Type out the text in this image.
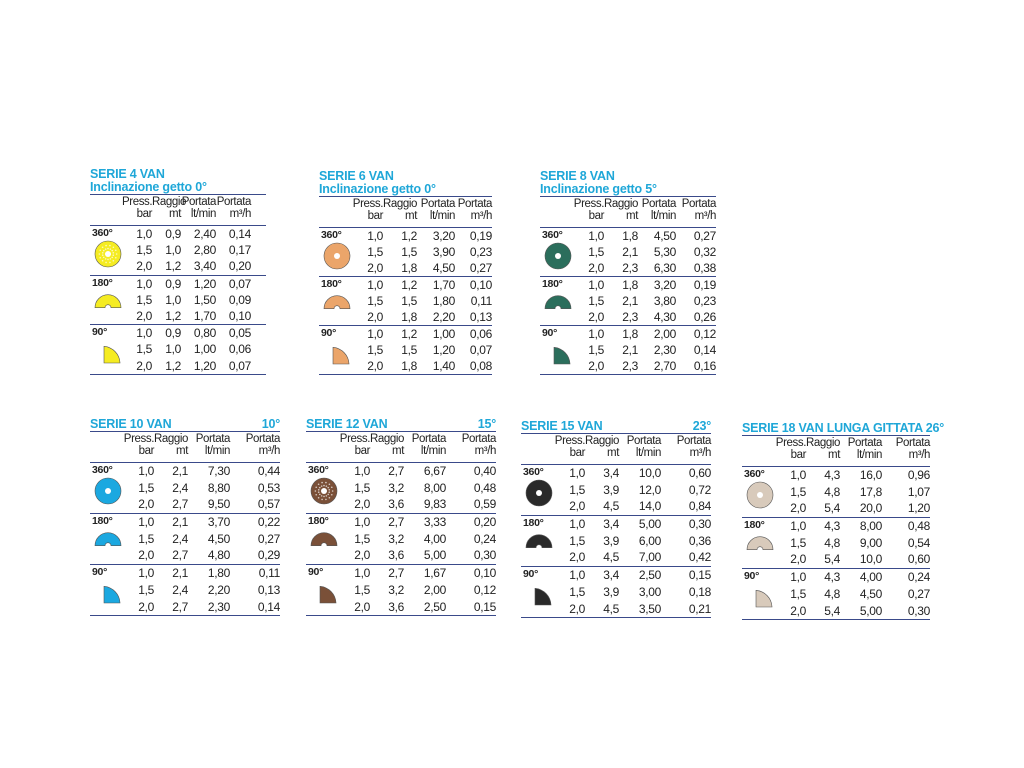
SERIE 4 VAN
Inclinazione getto 0°
Press.
bar
Raggio
mt
Portata
lt/min
Portata
m³/h
360°	1,0	0,9	2,40	0,14
1,5	1,0	2,80	0,17
2,0	1,2	3,40	0,20
180°	1,0	0,9	1,20	0,07
1,5	1,0	1,50	0,09
2,0	1,2	1,70	0,10
90°	1,0	0,9	0,80	0,05
1,5	1,0	1,00	0,06
2,0	1,2	1,20	0,07
SERIE 6 VAN
Inclinazione getto 0°
Press.
bar
Raggio
mt
Portata
lt/min
Portata
m³/h
360°	1,0	1,2	3,20	0,19
1,5	1,5	3,90	0,23
2,0	1,8	4,50	0,27
180°	1,0	1,2	1,70	0,10
1,5	1,5	1,80	0,11
2,0	1,8	2,20	0,13
90°	1,0	1,2	1,00	0,06
1,5	1,5	1,20	0,07
2,0	1,8	1,40	0,08
SERIE 8 VAN
Inclinazione getto 5°
Press.
bar
Raggio
mt
Portata
lt/min
Portata
m³/h
360°	1,0	1,8	4,50	0,27
1,5	2,1	5,30	0,32
2,0	2,3	6,30	0,38
180°	1,0	1,8	3,20	0,19
1,5	2,1	3,80	0,23
2,0	2,3	4,30	0,26
90°	1,0	1,8	2,00	0,12
1,5	2,1	2,30	0,14
2,0	2,3	2,70	0,16
SERIE 10 VAN	10°
Press.
bar
Raggio
mt
Portata
lt/min
Portata
m³/h
360°	1,0	2,1	7,30	0,44
1,5	2,4	8,80	0,53
2,0	2,7	9,50	0,57
180°	1,0	2,1	3,70	0,22
1,5	2,4	4,50	0,27
2,0	2,7	4,80	0,29
90°	1,0	2,1	1,80	0,11
1,5	2,4	2,20	0,13
2,0	2,7	2,30	0,14
SERIE 12 VAN	15°
Press.
bar
Raggio
mt
Portata
lt/min
Portata
m³/h
360°	1,0	2,7	6,67	0,40
1,5	3,2	8,00	0,48
2,0	3,6	9,83	0,59
180°	1,0	2,7	3,33	0,20
1,5	3,2	4,00	0,24
2,0	3,6	5,00	0,30
90°	1,0	2,7	1,67	0,10
1,5	3,2	2,00	0,12
2,0	3,6	2,50	0,15
SERIE 15 VAN	23°
Press.
bar
Raggio
mt
Portata
lt/min
Portata
m³/h
360°	1,0	3,4	10,0	0,60
1,5	3,9	12,0	0,72
2,0	4,5	14,0	0,84
180°	1,0	3,4	5,00	0,30
1,5	3,9	6,00	0,36
2,0	4,5	7,00	0,42
90°	1,0	3,4	2,50	0,15
1,5	3,9	3,00	0,18
2,0	4,5	3,50	0,21
SERIE 18 VAN LUNGA GITTATA 26°
Press.
bar
Raggio
mt
Portata
lt/min
Portata
m³/h
360°	1,0	4,3	16,0	0,96
1,5	4,8	17,8	1,07
2,0	5,4	20,0	1,20
180°	1,0	4,3	8,00	0,48
1,5	4,8	9,00	0,54
2,0	5,4	10,0	0,60
90°	1,0	4,3	4,00	0,24
1,5	4,8	4,50	0,27
2,0	5,4	5,00	0,30
